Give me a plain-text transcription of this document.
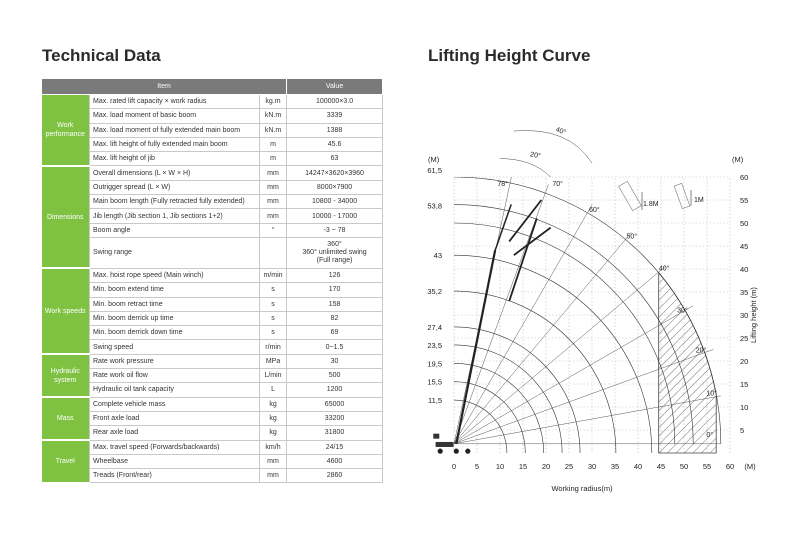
Technical Data	Lifting Height Curve
Item			Value
Work performance	Max. rated lift capacity × work radius	kg.m	100000×3.0
	Max. load moment of basic boom	kN.m	3339
	Max. load moment of fully extended main boom	kN.m	1388
	Max. lift height of fully extended main boom	m	45.6
	Max. lift height of jib	m	63
Dimensions	Overall dimensions (L × W × H)	mm	14247×3620×3960
	Outrigger spread (L × W)	mm	8000×7900
	Main boom length (Fully retracted fully extended)	mm	10800 - 34000
	Jib length (Jib section 1, Jib sections 1+2)	mm	10000 - 17000
	Boom angle	°	-3 ~ 78
	Swing range		360°
360° unlimited swing
(Full range)
Work speeds	Max. hoist rope speed (Main winch)	m/min	126
	Min. boom extend time	s	170
	Min. boom retract time	s	158
	Min. boom derrick up time	s	82
	Min. boom derrick down time	s	69
	Swing speed	r/min	0~1.5
Hydraulic system	Rate work pressure	MPa	30
	Rate work oil flow	L/min	500
	Hydraulic oil tank capacity	L	1200
Mass	Complete vehicle mass	kg	65000
	Front axle load	kg	33200
	Rear axle load	kg	31800
Travel	Max. travel speed (Forwards/backwards)	km/h	24/15
	Wheelbase	mm	4600
	Treads (Front/rear)	mm	2860
78°	70°
60°
50°
40°
30°
20°
10°
0°
20°
40°
1.8M
1M
0	5 10 15 20 25 30 35 40 45 50 55 60 (M)
5
10
15
20
25
30
35
40
45
50
55
60
(M)
11,5
15,5
19,5
23,5
27,4
35,2
43
53,8
61,5
(M)
Working radius(m)
Lifting height (m)
